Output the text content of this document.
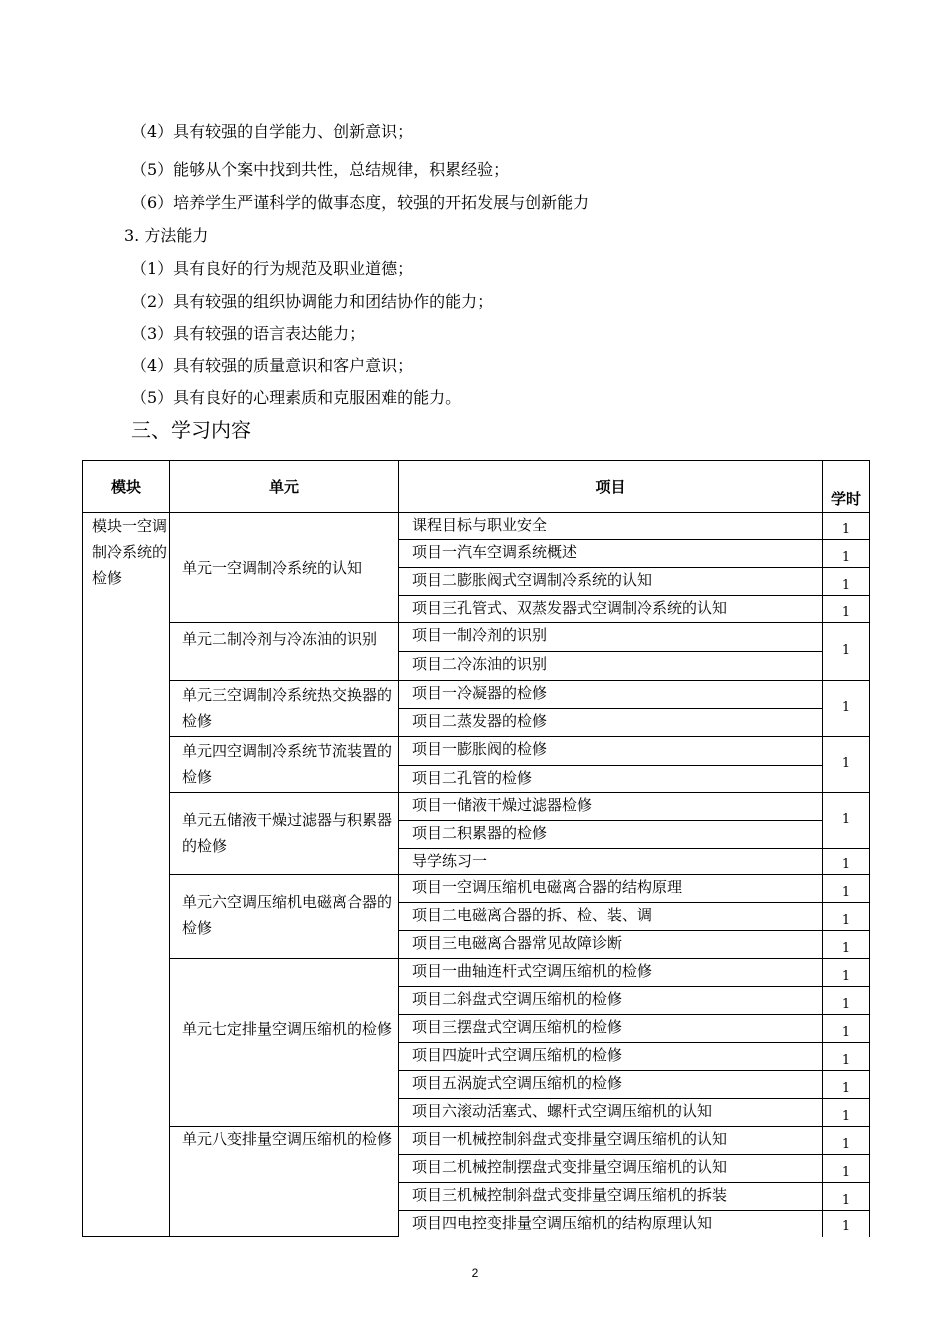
（4）具有较强的自学能力、创新意识；
（5）能够从个案中找到共性，总结规律，积累经验；
（6）培养学生严谨科学的做事态度，较强的开拓发展与创新能力
3. 方法能力
（1）具有良好的行为规范及职业道德；
（2）具有较强的组织协调能力和团结协作的能力；
（3）具有较强的语言表达能力；
（4）具有较强的质量意识和客户意识；
（5）具有良好的心理素质和克服困难的能力。
三、学习内容
模块	单元	项目
学时
模块一空调制冷系统的检修
单元一空调制冷系统的认知
单元二制冷剂与冷冻油的识别
单元三空调制冷系统热交换器的检修
单元四空调制冷系统节流装置的检修
单元五储液干燥过滤器与积累器的检修
单元六空调压缩机电磁离合器的检修
单元七定排量空调压缩机的检修
单元八变排量空调压缩机的检修
课程目标与职业安全
项目一汽车空调系统概述
项目二膨胀阀式空调制冷系统的认知
项目三孔管式、双蒸发器式空调制冷系统的认知
1
1
1
1
项目一制冷剂的识别
项目二冷冻油的识别
1
项目一冷凝器的检修
项目二蒸发器的检修
1
项目一膨胀阀的检修
项目二孔管的检修
1
项目一储液干燥过滤器检修
项目二积累器的检修
导学练习一
1
1
项目一空调压缩机电磁离合器的结构原理
项目二电磁离合器的拆、检、装、调
项目三电磁离合器常见故障诊断
1
1
1
项目一曲轴连杆式空调压缩机的检修
项目二斜盘式空调压缩机的检修
项目三摆盘式空调压缩机的检修
项目四旋叶式空调压缩机的检修
项目五涡旋式空调压缩机的检修
项目六滚动活塞式、螺杆式空调压缩机的认知
1
1
1
1
1
1
项目一机械控制斜盘式变排量空调压缩机的认知
项目二机械控制摆盘式变排量空调压缩机的认知
项目三机械控制斜盘式变排量空调压缩机的拆装
项目四电控变排量空调压缩机的结构原理认知
1
1
1
1
2
